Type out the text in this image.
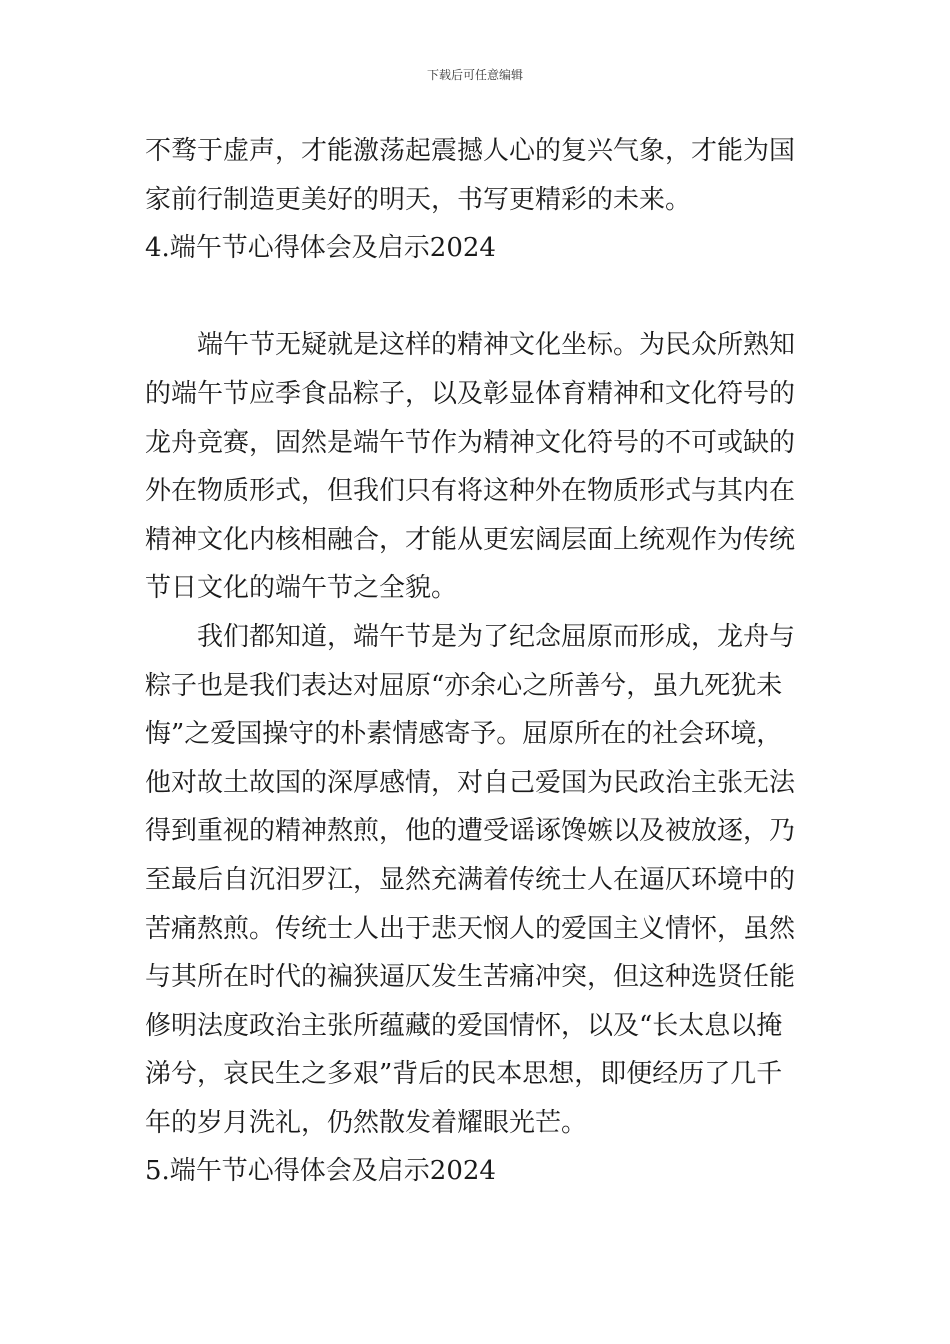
下载后可任意编辑

不骛于虚声，才能激荡起震撼人心的复兴气象，才能为国家前行制造更美好的明天，书写更精彩的未来。

4.端午节心得体会及启示2024

端午节无疑就是这样的精神文化坐标。为民众所熟知的端午节应季食品粽子，以及彰显体育精神和文化符号的龙舟竞赛，固然是端午节作为精神文化符号的不可或缺的外在物质形式，但我们只有将这种外在物质形式与其内在精神文化内核相融合，才能从更宏阔层面上统观作为传统节日文化的端午节之全貌。

我们都知道，端午节是为了纪念屈原而形成，龙舟与粽子也是我们表达对屈原“亦余心之所善兮，虽九死犹未悔”之爱国操守的朴素情感寄予。屈原所在的社会环境，他对故土故国的深厚感情，对自己爱国为民政治主张无法得到重视的精神熬煎，他的遭受谣诼馋嫉以及被放逐，乃至最后自沉汨罗江，显然充满着传统士人在逼仄环境中的苦痛熬煎。传统士人出于悲天悯人的爱国主义情怀，虽然与其所在时代的褊狭逼仄发生苦痛冲突，但这种选贤任能修明法度政治主张所蕴藏的爱国情怀，以及“长太息以掩涕兮，哀民生之多艰”背后的民本思想，即便经历了几千年的岁月洗礼，仍然散发着耀眼光芒。

5.端午节心得体会及启示2024
